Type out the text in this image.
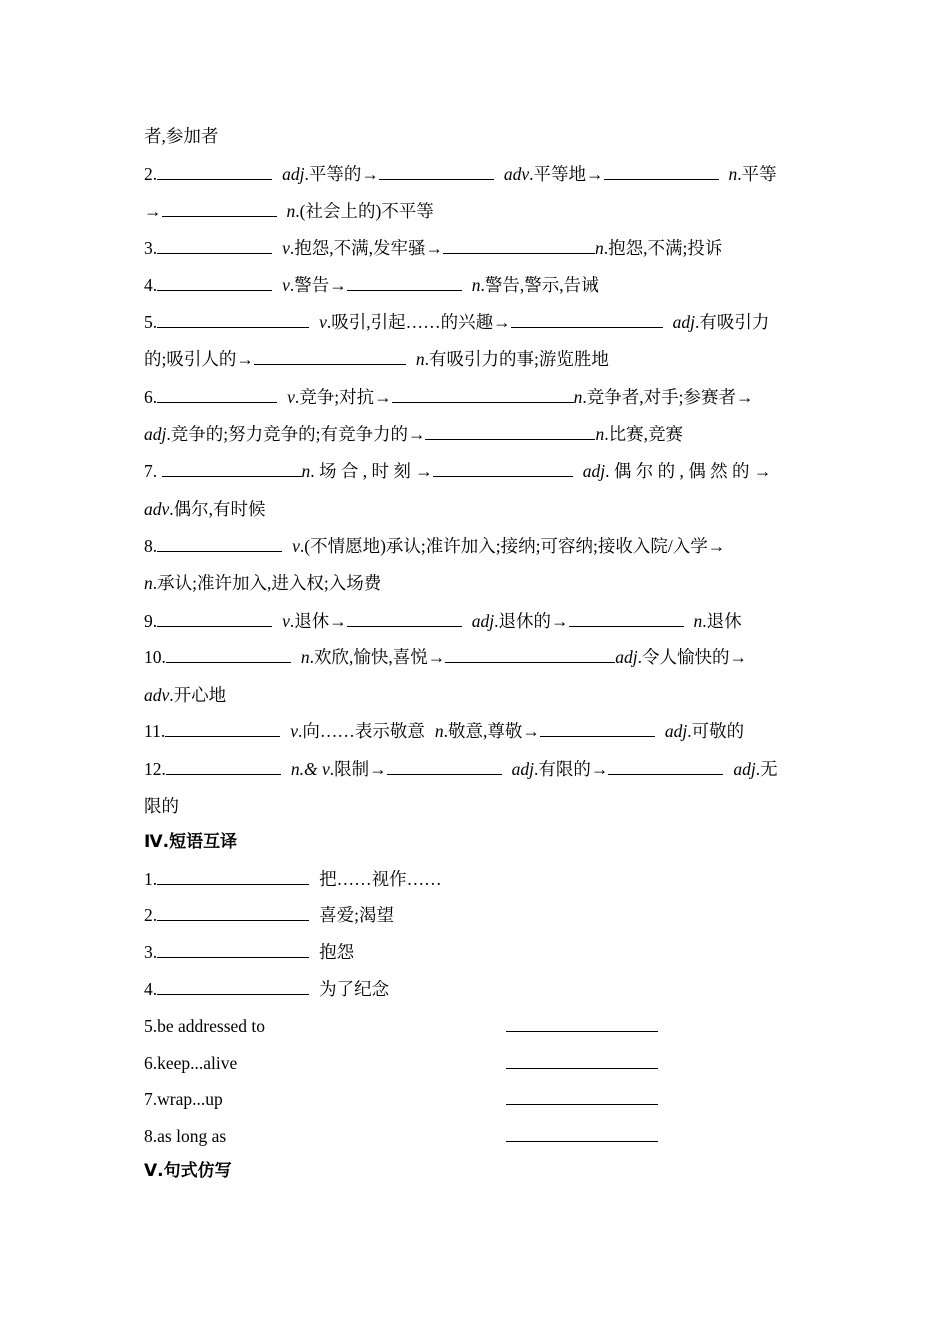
者,参加者
2.	adj.平等的→	adv.平等地→	n.平等
→	n.(社会上的)不平等
3.	v.抱怨,不满,发牢骚→	n.抱怨,不满;投诉
4.	v.警告→	n.警告,警示,告诫
5.	v.吸引,引起……的兴趣→	adj.有吸引力
的;吸引人的→	n.有吸引力的事;游览胜地
6.	v.竞争;对抗→	n.竞争者,对手;参赛者→
adj.竞争的;努力竞争的;有竞争力的→	n.比赛,竞赛
7.	n. 场 合 , 时 刻 →	adj. 偶 尔 的 , 偶 然 的 →
adv.偶尔,有时候
8.	v.(不情愿地)承认;准许加入;接纳;可容纳;接收入院/入学→
n.承认;准许加入,进入权;入场费
9.	v.退休→	adj.退休的→	n.退休
10.	n.欢欣,愉快,喜悦→	adj.令人愉快的→
adv.开心地
11.	v.向……表示敬意 n.敬意,尊敬→	adj.可敬的
12.	n.& v.限制→	adj.有限的→	adj.无
限的
Ⅳ.短语互译
1.	把……视作……
2.	喜爱;渴望
3.	抱怨
4.	为了纪念
5.be addressed to
6.keep...alive
7.wrap...up
8.as long as
Ⅴ.句式仿写
